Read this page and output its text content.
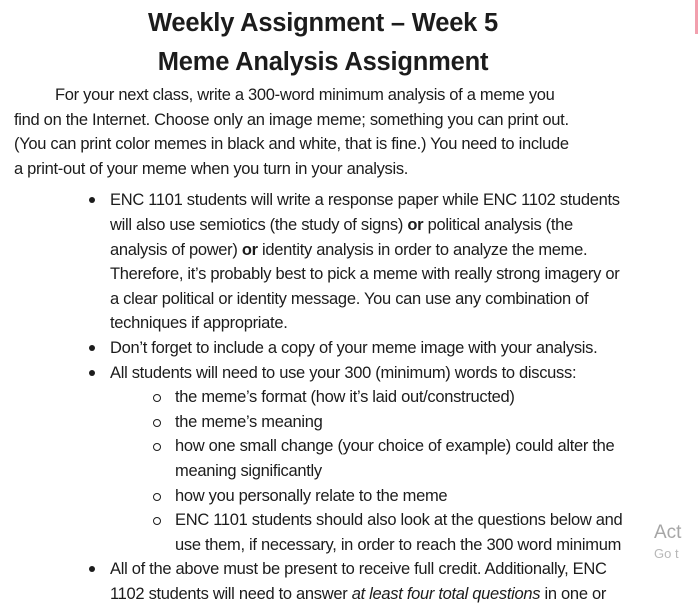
Weekly Assignment – Week 5
Meme Analysis Assignment
For your next class, write a 300-word minimum analysis of a meme you
find on the Internet. Choose only an image meme; something you can print out.
(You can print color memes in black and white, that is fine.) You need to include
a print-out of your meme when you turn in your analysis.
ENC 1101 students will write a response paper while ENC 1102 students
will also use semiotics (the study of signs) or political analysis (the
analysis of power) or identity analysis in order to analyze the meme.
Therefore, it’s probably best to pick a meme with really strong imagery or
a clear political or identity message. You can use any combination of
techniques if appropriate.
Don’t forget to include a copy of your meme image with your analysis.
All students will need to use your 300 (minimum) words to discuss:
the meme’s format (how it’s laid out/constructed)
the meme’s meaning
how one small change (your choice of example) could alter the
meaning significantly
how you personally relate to the meme
ENC 1101 students should also look at the questions below and
use them, if necessary, in order to reach the 300 word minimum
All of the above must be present to receive full credit. Additionally, ENC
1102 students will need to answer at least four total questions in one or
Act
Go t
